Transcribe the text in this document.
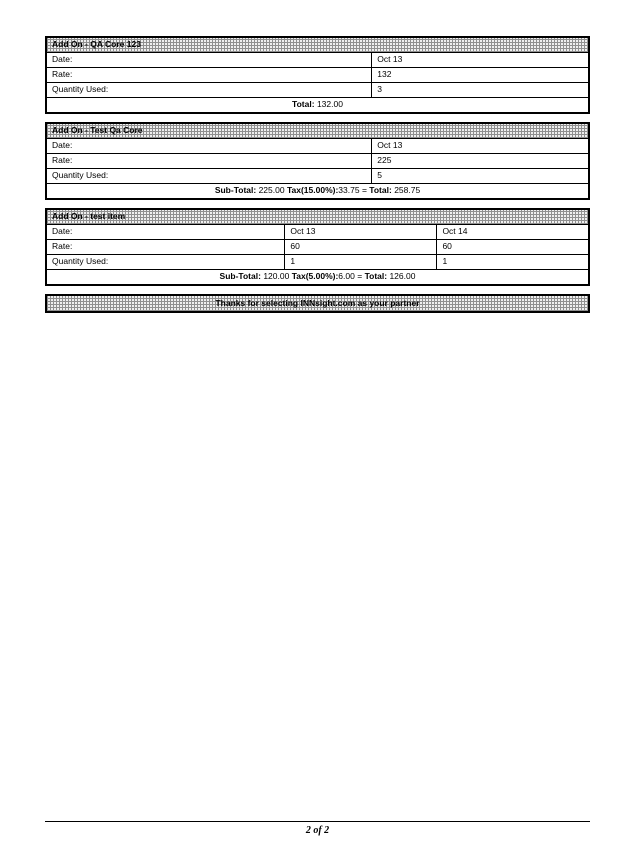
Add On - QA Core 123	
Date:	Oct 13
Rate:	132
Quantity Used:	3
Total: 132.00	
Add On - Test Qa Core	
Date:	Oct 13
Rate:	225
Quantity Used:	5
Sub-Total: 225.00 Tax(15.00%):33.75 = Total: 258.75	
Add On - test item		
Date:	Oct 13	Oct 14
Rate:	60	60
Quantity Used:	1	1
Sub-Total: 120.00 Tax(5.00%):6.00 = Total: 126.00		
Thanks for selecting INNsight.com as your partner
2 of 2
